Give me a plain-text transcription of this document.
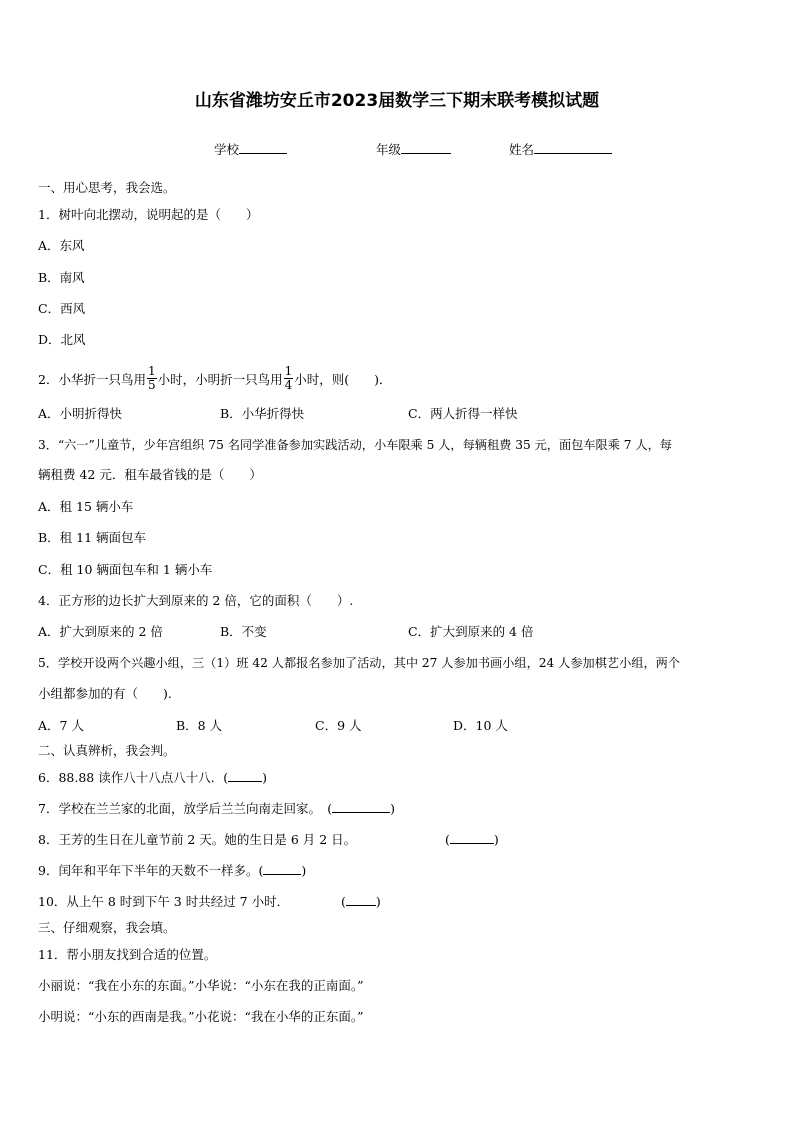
山东省潍坊安丘市2023届数学三下期末联考模拟试题
学校	年级	姓名
一、用心思考，我会选。
1．树叶向北摆动，说明起的是（　　）
A．东风
B．南风
C．西风
D．北风
2．小华折一只鸟用 $\frac{1}{5}$ 小时，小明折一只鸟用 $\frac{1}{4}$ 小时，则(　　)．
A．小明折得快	B．小华折得快	C．两人折得一样快
3．“六一”儿童节，少年宫组织 75 名同学准备参加实践活动，小车限乘 5 人，每辆租费 35 元，面包车限乘 7 人，每
辆租费 42 元．租车最省钱的是（　　）
A．租 15 辆小车
B．租 11 辆面包车
C．租 10 辆面包车和 1 辆小车
4．正方形的边长扩大到原来的 2 倍，它的面积（　　）.
A．扩大到原来的 2 倍	B．不变	C．扩大到原来的 4 倍
5．学校开设两个兴趣小组，三（1）班 42 人都报名参加了活动，其中 27 人参加书画小组，24 人参加棋艺小组，两个
小组都参加的有（　　).
A．7 人	B．8 人	C．9 人	D．10 人
二、认真辨析，我会判。
6．88.88 读作八十八点八十八．(	)
7．学校在兰兰家的北面，放学后兰兰向南走回家。　(	)
8．王芳的生日在儿童节前 2 天。她的生日是 6 月 2 日。	(	)
9．闰年和平年下半年的天数不一样多。(	)
10．从上午 8 时到下午 3 时共经过 7 小时．	( )
三、仔细观察，我会填。
11．帮小朋友找到合适的位置。
小丽说：“我在小东的东面。”小华说：“小东在我的正南面。”
小明说：“小东的西南是我。”小花说：“我在小华的正东面。”
